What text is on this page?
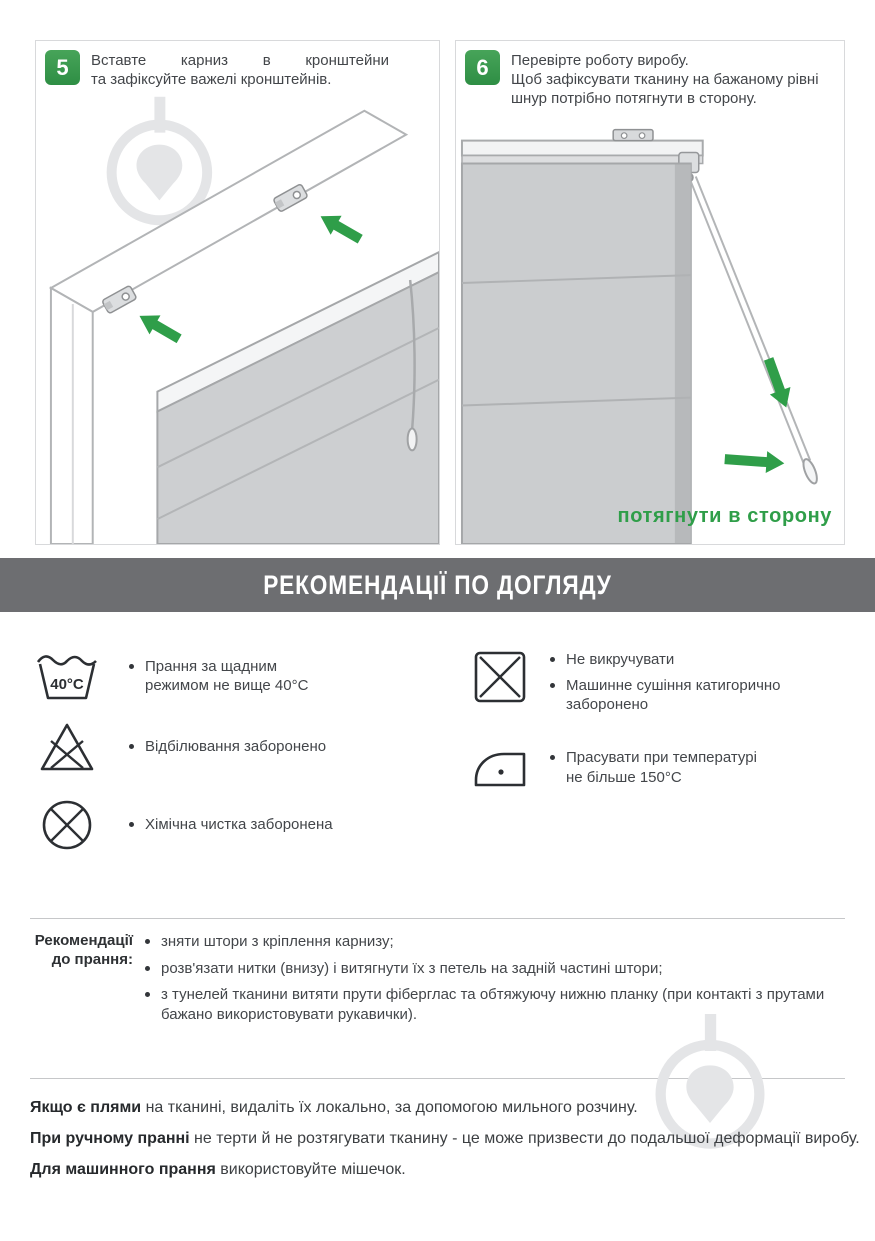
5	Вставте карниз в кронштейни

та зафіксуйте важелі кронштейнів.

6	Перевірте роботу виробу.

Щоб зафіксувати тканину на бажаному рівні шнур потрібно потягнути в сторону.

потягнути в сторону
РЕКОМЕНДАЦІЇ ПО ДОГЛЯДУ
40°C

Прання за щадним режимом не вище 40°С

Відбілювання заборонено

Хімічна чистка заборонена

Не викручувати

Машинне сушіння катигорично заборонено

Прасувати при температурі не більше 150°С

Рекомендації
до прання:

зняти штори з кріплення карнизу;

розв'язати нитки (внизу) і витягнути їх з петель на задній частині штори;

з тунелей тканини витяти прути фіберглас та обтяжуючу нижню планку (при контакті з прутами бажано використовувати рукавички).

Якщо є плями на тканині, видаліть їх локально, за допомогою мильного розчину.

При ручному пранні не терти й не розтягувати тканину - це може призвести до подальшої деформації виробу.

Для машинного прання використовуйте мішечок.
